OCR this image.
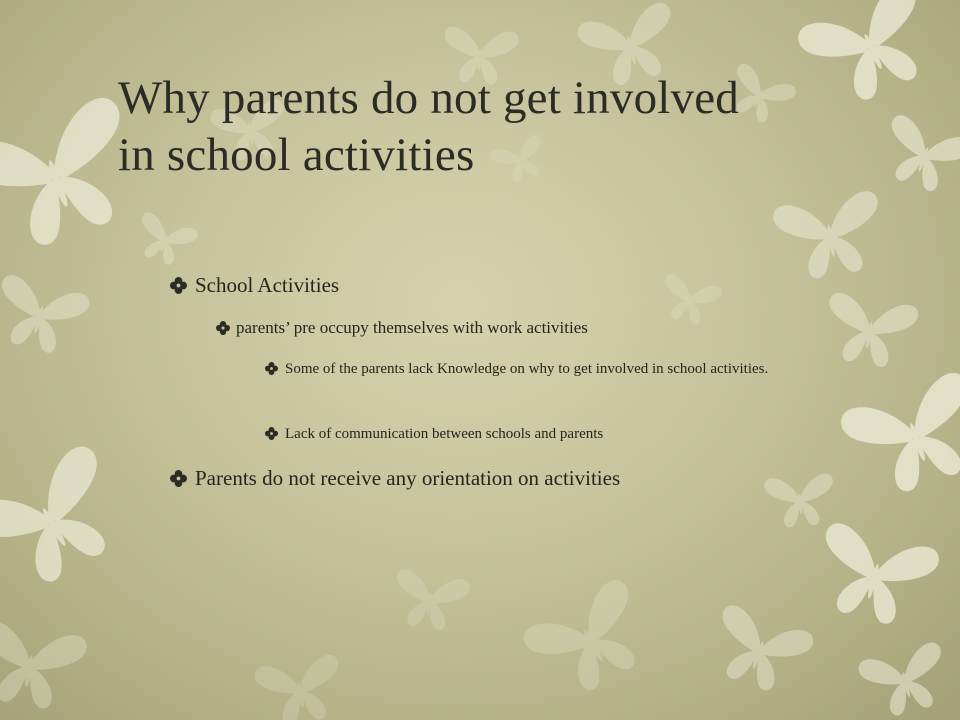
Why parents do not get involved
in school activities
School Activities
parents’ pre occupy themselves with work activities
Some of the parents lack Knowledge on why to get involved in school activities.
Lack of communication between schools and parents
Parents do not receive any orientation on activities
